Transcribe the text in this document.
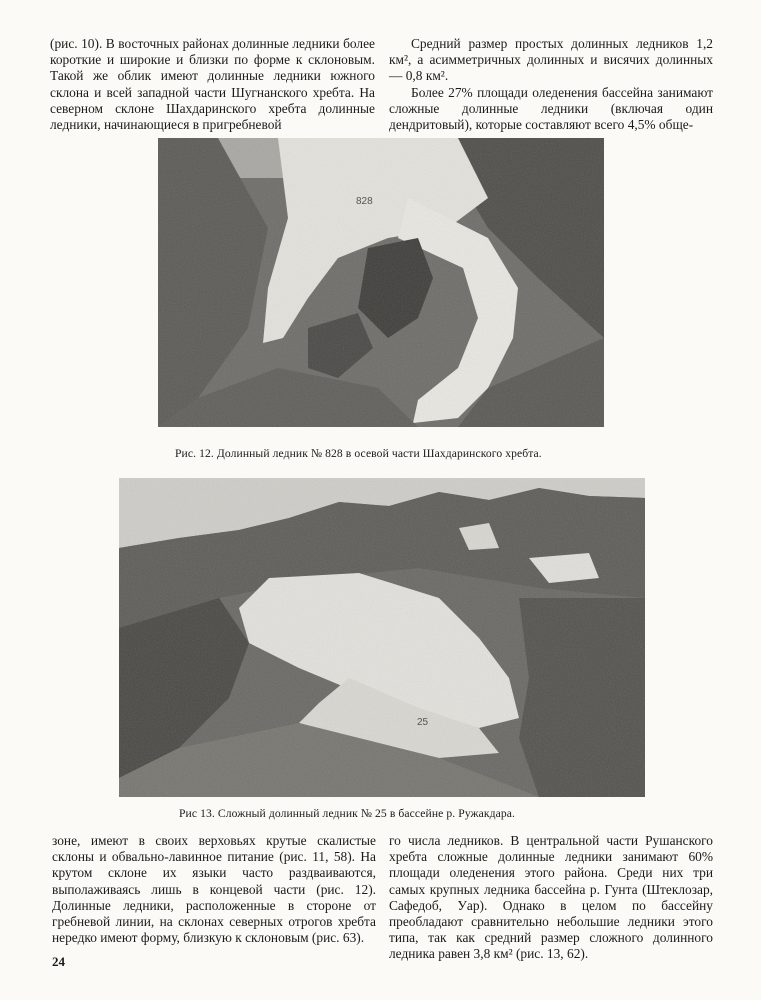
(рис. 10). В восточных районах долинные ледники более короткие и широкие и близки по форме к склоновым. Такой же облик имеют долинные ледники южного склона и всей западной части Шугнанского хребта. На северном склоне Шахдаринского хребта долинные ледники, начинающиеся в пригребневой

Средний размер простых долинных ледников 1,2 км², а асимметричных долинных и висячих долинных — 0,8 км².

Более 27% площади оледенения бассейна занимают сложные долинные ледники (включая один дендритовый), которые составляют всего 4,5% обще-

828
Рис. 12. Долинный ледник № 828 в осевой части Шахдаринского хребта.
25
Рис 13. Сложный долинный ледник № 25 в бассейне р. Ружакдара.

зоне, имеют в своих верховьях крутые скалистые склоны и обвально-лавинное питание (рис. 11, 58). На крутом склоне их языки часто раздваиваются, выполаживаясь лишь в концевой части (рис. 12). Долинные ледники, расположенные в стороне от гребневой линии, на склонах северных отрогов хребта нередко имеют форму, близкую к склоновым (рис. 63).

го числа ледников. В центральной части Рушанского хребта сложные долинные ледники занимают 60% площади оледенения этого района. Среди них три самых крупных ледника бассейна р. Гунта (Штеклозар, Сафедоб, Уар). Однако в целом по бассейну преобладают сравнительно небольшие ледники этого типа, так как средний размер сложного долинного ледника равен 3,8 км² (рис. 13, 62).

24
